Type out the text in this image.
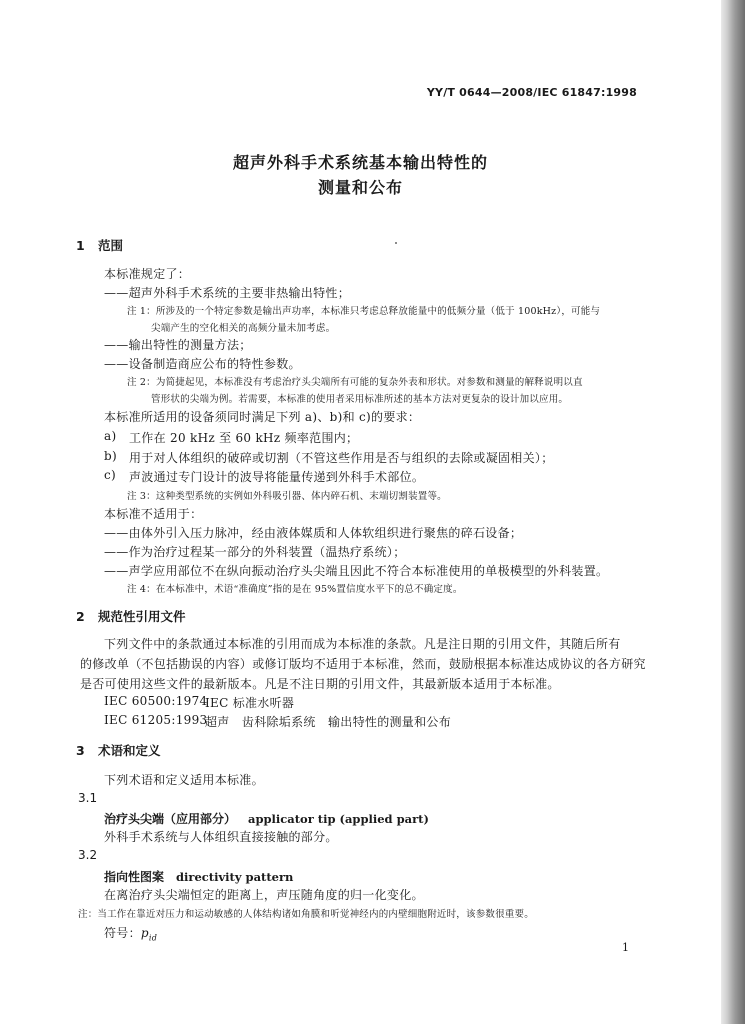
YY/T 0644—2008/IEC 61847:1998
超声外科手术系统基本输出特性的
测量和公布
1 范围
本标准规定了：
——超声外科手术系统的主要非热输出特性；
注 1：所涉及的一个特定参数是输出声功率，本标准只考虑总释放能量中的低频分量（低于 100kHz），可能与
尖端产生的空化相关的高频分量未加考虑。
——输出特性的测量方法；
——设备制造商应公布的特性参数。
注 2：为简捷起见，本标准没有考虑治疗头尖端所有可能的复杂外表和形状。对参数和测量的解释说明以直
管形状的尖端为例。若需要，本标准的使用者采用标准所述的基本方法对更复杂的设计加以应用。
本标准所适用的设备须同时满足下列 a)、b)和 c)的要求：
a) 工作在 20 kHz 至 60 kHz 频率范围内；
b) 用于对人体组织的破碎或切割（不管这些作用是否与组织的去除或凝固相关）；
c) 声波通过专门设计的波导将能量传递到外科手术部位。
注 3：这种类型系统的实例如外科吸引器、体内碎石机、末端切割装置等。
本标准不适用于：
——由体外引入压力脉冲，经由液体媒质和人体软组织进行聚焦的碎石设备；
——作为治疗过程某一部分的外科装置（温热疗系统）；
——声学应用部位不在纵向振动治疗头尖端且因此不符合本标准使用的单极模型的外科装置。
注 4：在本标准中，术语“准确度”指的是在 95%置信度水平下的总不确定度。
2 规范性引用文件
下列文件中的条款通过本标准的引用而成为本标准的条款。凡是注日期的引用文件，其随后所有
的修改单（不包括勘误的内容）或修订版均不适用于本标准，然而，鼓励根据本标准达成协议的各方研究
是否可使用这些文件的最新版本。凡是不注日期的引用文件，其最新版本适用于本标准。
IEC 60500:1974
IEC 标准水听器
IEC 61205:1993
超声　齿科除垢系统　输出特性的测量和公布
3 术语和定义
下列术语和定义适用本标准。
3.1
治疗头尖端（应用部分） applicator tip (applied part)
外科手术系统与人体组织直接接触的部分。
3.2
指向性图案 directivity pattern
在离治疗头尖端恒定的距离上，声压随角度的归一化变化。
注：当工作在靠近对压力和运动敏感的人体结构诸如角膜和听觉神经内的内壁细胞附近时，该参数很重要。
符号：$p_{id}$
1
